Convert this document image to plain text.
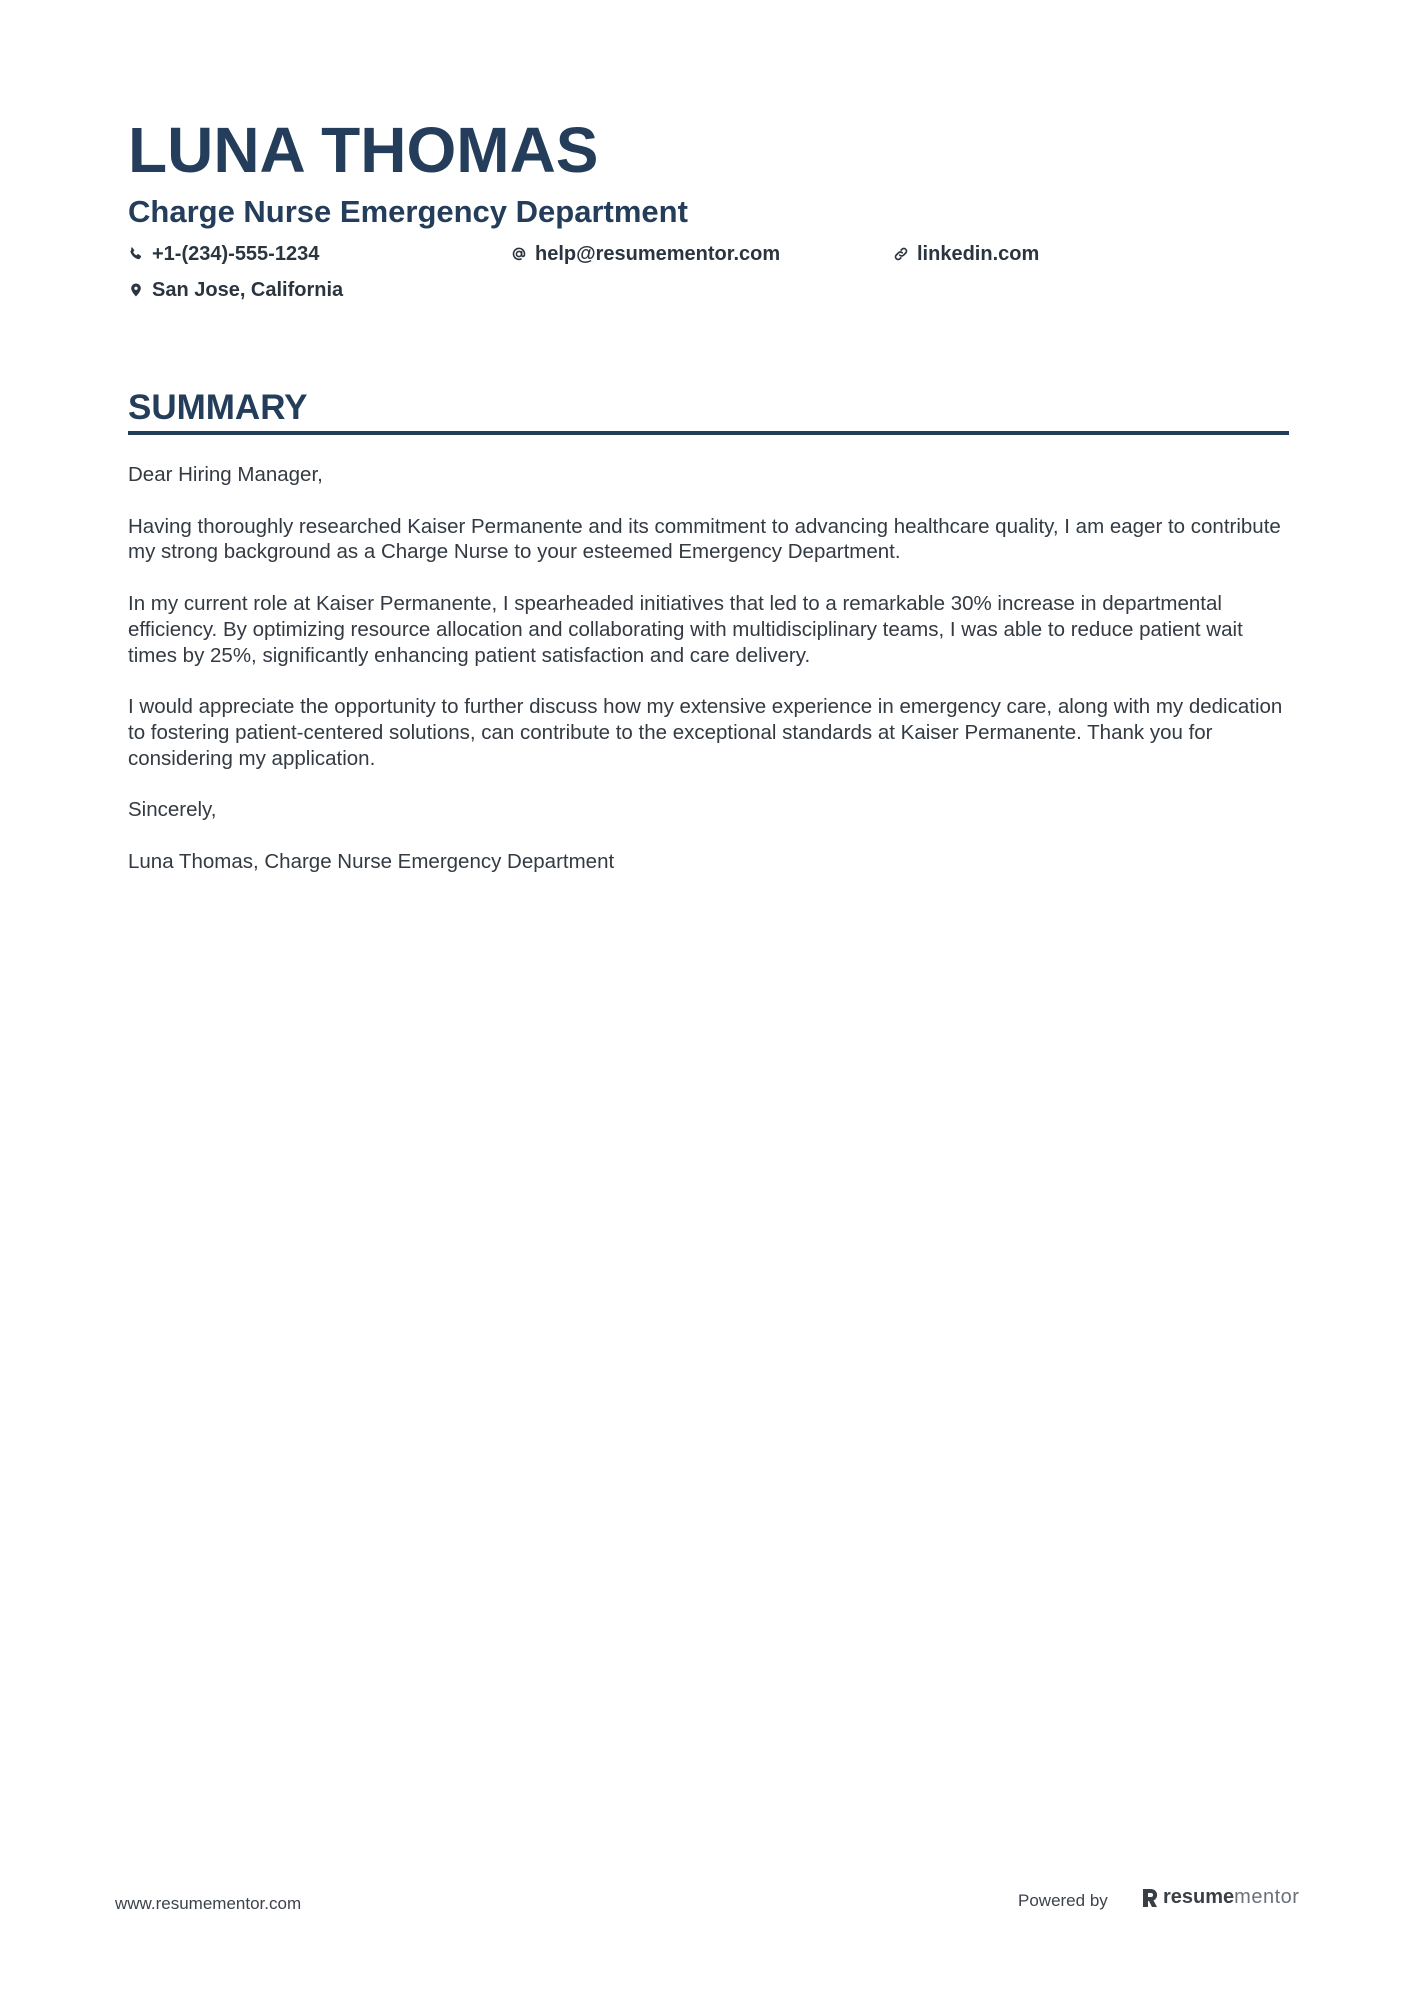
LUNA THOMAS
Charge Nurse Emergency Department
+1-(234)-555-1234	help@resumementor.com	linkedin.com
San Jose, California
SUMMARY

Dear Hiring Manager,

Having thoroughly researched Kaiser Permanente and its commitment to advancing healthcare quality, I am eager to contribute my strong background as a Charge Nurse to your esteemed Emergency Department.

In my current role at Kaiser Permanente, I spearheaded initiatives that led to a remarkable 30% increase in departmental efficiency. By optimizing resource allocation and collaborating with multidisciplinary teams, I was able to reduce patient wait times by 25%, significantly enhancing patient satisfaction and care delivery.

I would appreciate the opportunity to further discuss how my extensive experience in emergency care, along with my dedication to fostering patient-centered solutions, can contribute to the exceptional standards at Kaiser Permanente. Thank you for considering my application.

Sincerely,

Luna Thomas, Charge Nurse Emergency Department

www.resumementor.com	Powered by	resume mentor
